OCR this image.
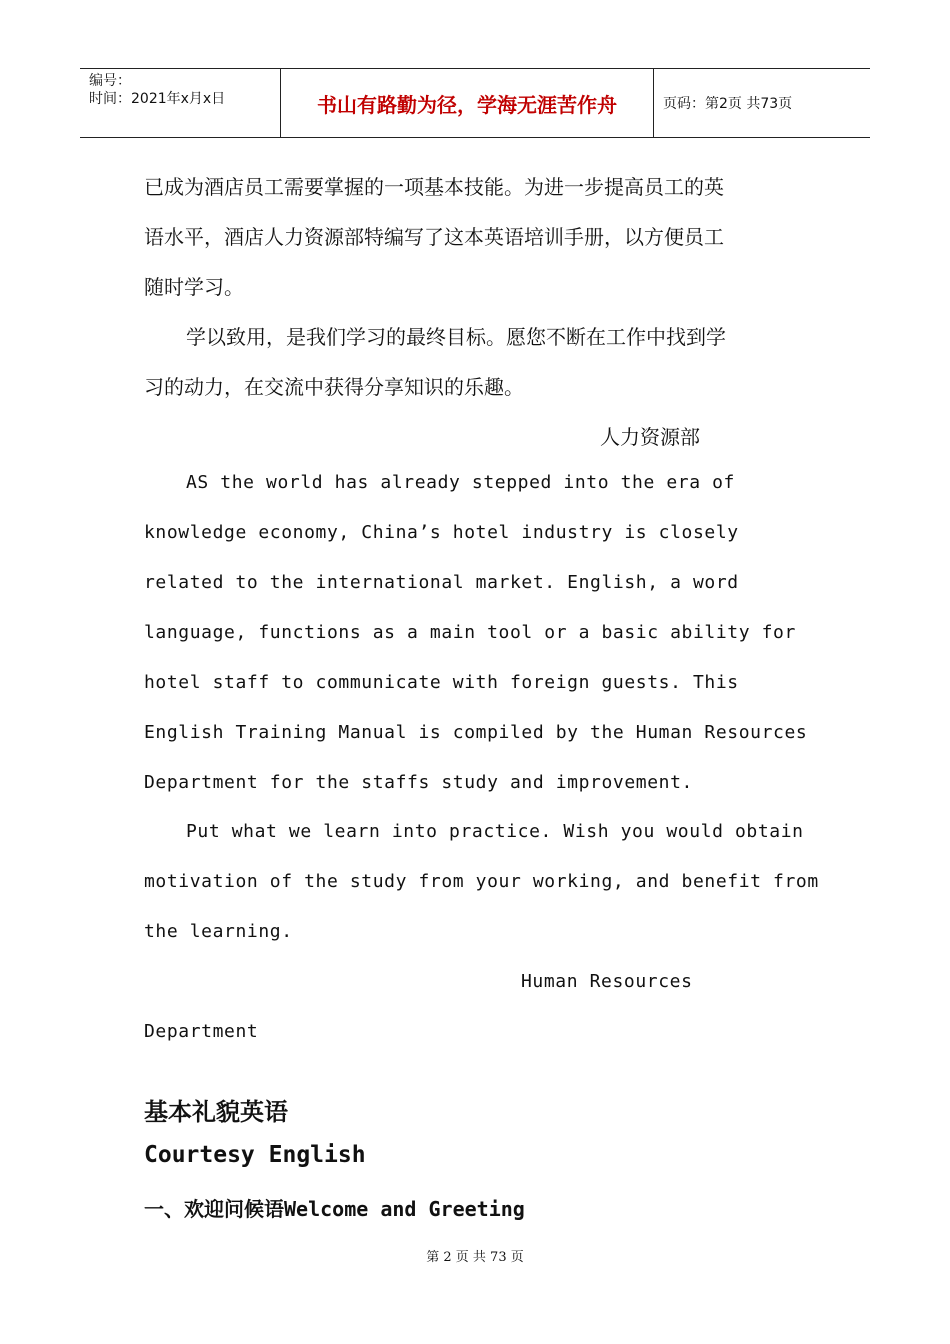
编号：
时间：2021年x月x日	书山有路勤为径，学海无涯苦作舟	页码：第2页 共73页
已成为酒店员工需要掌握的一项基本技能。为进一步提高员工的英
语水平，酒店人力资源部特编写了这本英语培训手册，以方便员工
随时学习。
学以致用，是我们学习的最终目标。愿您不断在工作中找到学
习的动力，在交流中获得分享知识的乐趣。
人力资源部
AS the world has already stepped into the era of
knowledge economy, China’s hotel industry is closely
related to the international market. English, a word
language, functions as a main tool or a basic ability for
hotel staff to communicate with foreign guests. This
English Training Manual is compiled by the Human Resources
Department for the staffs study and improvement.
Put what we learn into practice. Wish you would obtain
motivation of the study from your working, and benefit from
the learning.
Human Resources
Department
基本礼貌英语
Courtesy English
一、欢迎问候语Welcome and Greeting
第 2 页 共 73 页
